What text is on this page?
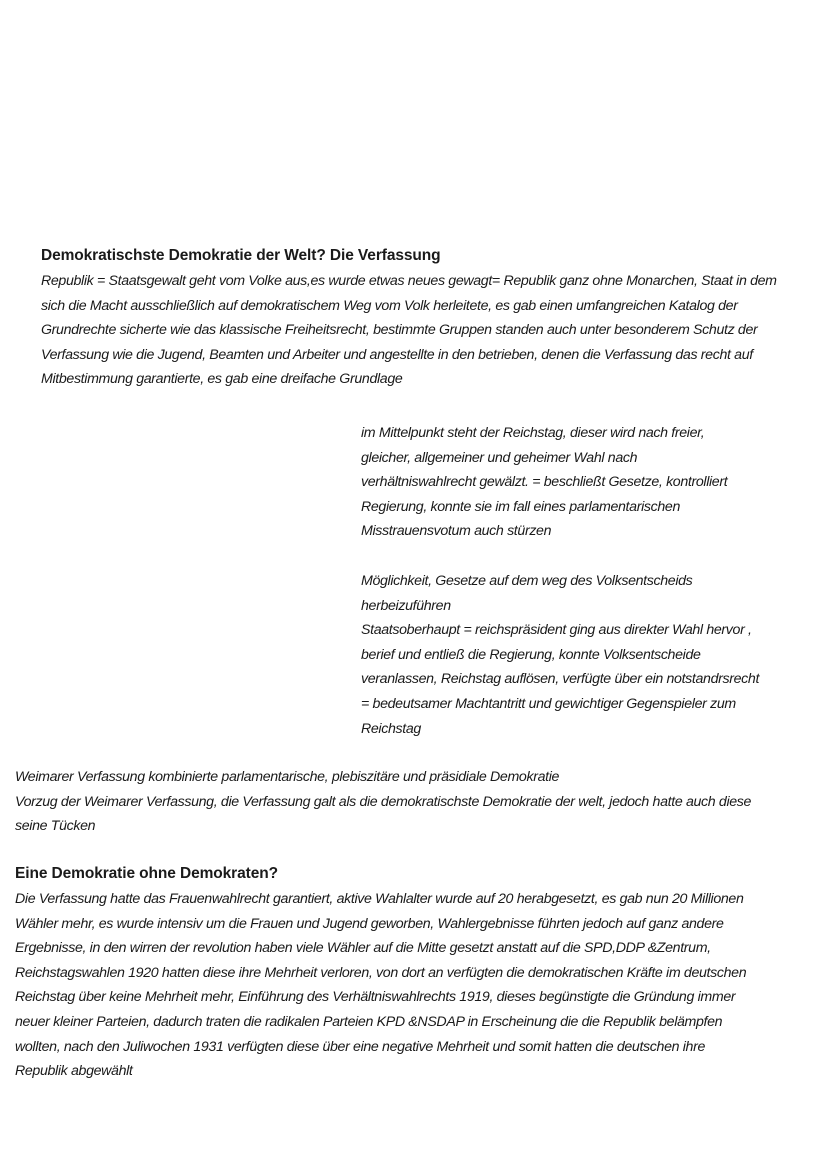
Demokratischste Demokratie der Welt? Die Verfassung

Republik = Staatsgewalt geht vom Volke aus,es wurde etwas neues gewagt= Republik ganz ohne Monarchen, Staat in dem
sich die Macht ausschließlich auf demokratischem Weg vom Volk herleitete, es gab einen umfangreichen Katalog der
Grundrechte sicherte wie das klassische Freiheitsrecht, bestimmte Gruppen standen auch unter besonderem Schutz der
Verfassung wie die Jugend, Beamten und Arbeiter und angestellte in den betrieben, denen die Verfassung das recht auf
Mitbestimmung garantierte, es gab eine dreifache Grundlage

im Mittelpunkt steht der Reichstag, dieser wird nach freier,
gleicher, allgemeiner und geheimer Wahl nach
verhältniswahlrecht gewälzt. = beschließt Gesetze, kontrolliert
Regierung, konnte sie im fall eines parlamentarischen
Misstrauensvotum auch stürzen

Möglichkeit, Gesetze auf dem weg des Volksentscheids
herbeizuführen
Staatsoberhaupt = reichspräsident ging aus direkter Wahl hervor ,
berief und entließ die Regierung, konnte Volksentscheide
veranlassen, Reichstag auflösen, verfügte über ein notstandrsrecht
= bedeutsamer Machtantritt und gewichtiger Gegenspieler zum
Reichstag

Weimarer Verfassung kombinierte parlamentarische, plebiszitäre und präsidiale Demokratie
Vorzug der Weimarer Verfassung, die Verfassung galt als die demokratischste Demokratie der welt, jedoch hatte auch diese
seine Tücken

Eine Demokratie ohne Demokraten?

Die Verfassung hatte das Frauenwahlrecht garantiert, aktive Wahlalter wurde auf 20 herabgesetzt, es gab nun 20 Millionen
Wähler mehr, es wurde intensiv um die Frauen und Jugend geworben, Wahlergebnisse führten jedoch auf ganz andere
Ergebnisse, in den wirren der revolution haben viele Wähler auf die Mitte gesetzt anstatt auf die SPD,DDP &Zentrum,
Reichstagswahlen 1920 hatten diese ihre Mehrheit verloren, von dort an verfügten die demokratischen Kräfte im deutschen
Reichstag über keine Mehrheit mehr, Einführung des Verhältniswahlrechts 1919, dieses begünstigte die Gründung immer
neuer kleiner Parteien, dadurch traten die radikalen Parteien KPD &NSDAP in Erscheinung die die Republik belämpfen
wollten, nach den Juliwochen 1931 verfügten diese über eine negative Mehrheit und somit hatten die deutschen ihre
Republik abgewählt
